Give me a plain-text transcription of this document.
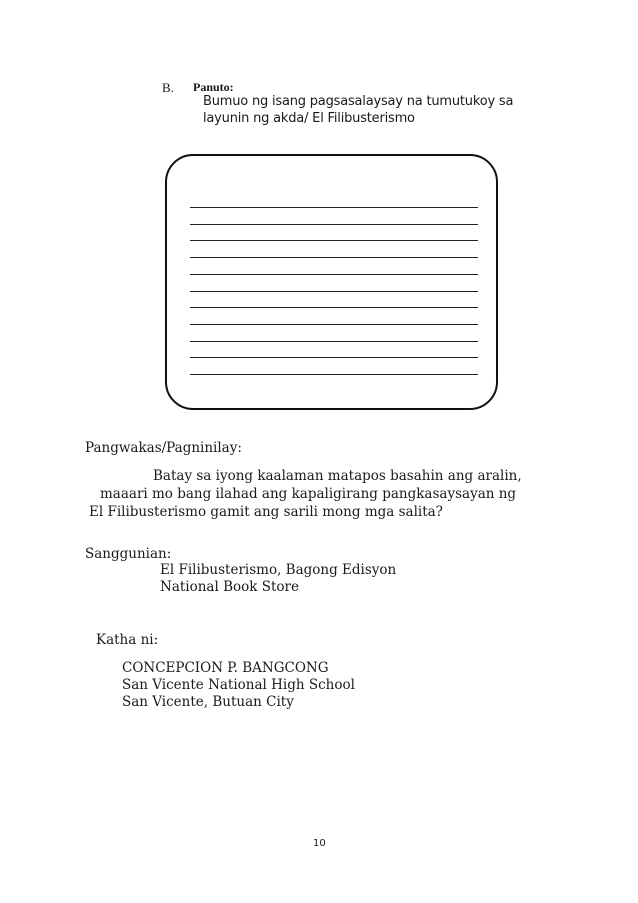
B. Panuto:
Bumuo ng isang pagsasalaysay na tumutukoy sa
layunin ng akda/ El Filibusterismo
Pangwakas/Pagninilay:
Batay sa iyong kaalaman matapos basahin ang aralin,
maaari mo bang ilahad ang kapaligirang pangkasaysayan ng
El Filibusterismo gamit ang sarili mong mga salita?
Sanggunian:
El Filibusterismo, Bagong Edisyon
National Book Store
Katha ni:
CONCEPCION P. BANGCONG
San Vicente National High School
San Vicente, Butuan City
10
